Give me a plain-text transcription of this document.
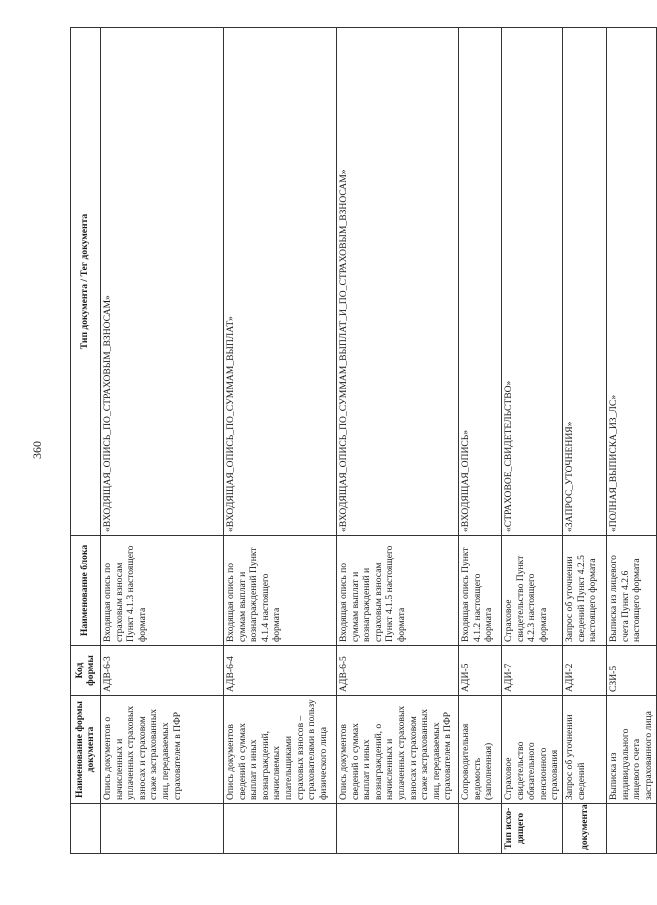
360
	Наименование формы документа	Код формы	Наименование блока	Тип документа / Тег документа
	Опись документов о начисленных и уплаченных страховых взносах и страховом стаже застрахованных лиц, передаваемых страхователем в ПФР	АДВ-6-3	Входящая опись по страховым взносам Пункт 4.1.3 настоящего формата	«ВХОДЯЩАЯ_ОПИСЬ_ПО_СТРАХОВЫМ_ВЗНОСАМ»
	Опись документов сведений о суммах выплат и иных вознаграждений, начисляемых плательщиками страховых взносов – страхователями в пользу физического лица	АДВ-6-4	Входящая опись по суммам выплат и вознаграждений Пункт 4.1.4 настоящего формата	«ВХОДЯЩАЯ_ОПИСЬ_ПО_СУММАМ_ВЫПЛАТ»
	Опись документов сведений о суммах выплат и иных вознаграждений, о начисленных и уплаченных страховых взносах и страховом стаже застрахованных лиц, передаваемых страхователем в ПФР	АДВ-6-5	Входящая опись по суммам выплат и вознаграждений и страховым взносам Пункт 4.1.5 настоящего формата	«ВХОДЯЩАЯ_ОПИСЬ_ПО_СУММАМ_ВЫПЛАТ_И_ПО_СТРАХОВЫМ_ВЗНОСАМ»
	Сопроводительная ведомость (заполненная)	АДИ-5	Входящая опись Пункт 4.1.2 настоящего формата	«ВХОДЯЩАЯ_ОПИСЬ»
Тип исхо-дящего	Страховое свидетельство обязательного пенсионного страхования	АДИ-7	Страховое свидетельство Пункт 4.2.3 настоящего формата	«СТРАХОВОЕ_СВИДЕТЕЛЬСТВО»
документа	Запрос об уточнении сведений	АДИ-2	Запрос об уточнении сведений Пункт 4.2.5 настоящего формата	«ЗАПРОС_УТОЧНЕНИЯ»
	Выписка из индивидуального лицевого счета застрахованного лица	СЗИ-5	Выписка из лицевого счета Пункт 4.2.6 настоящего формата	«ПОЛНАЯ_ВЫПИСКА_ИЗ_ЛС»
